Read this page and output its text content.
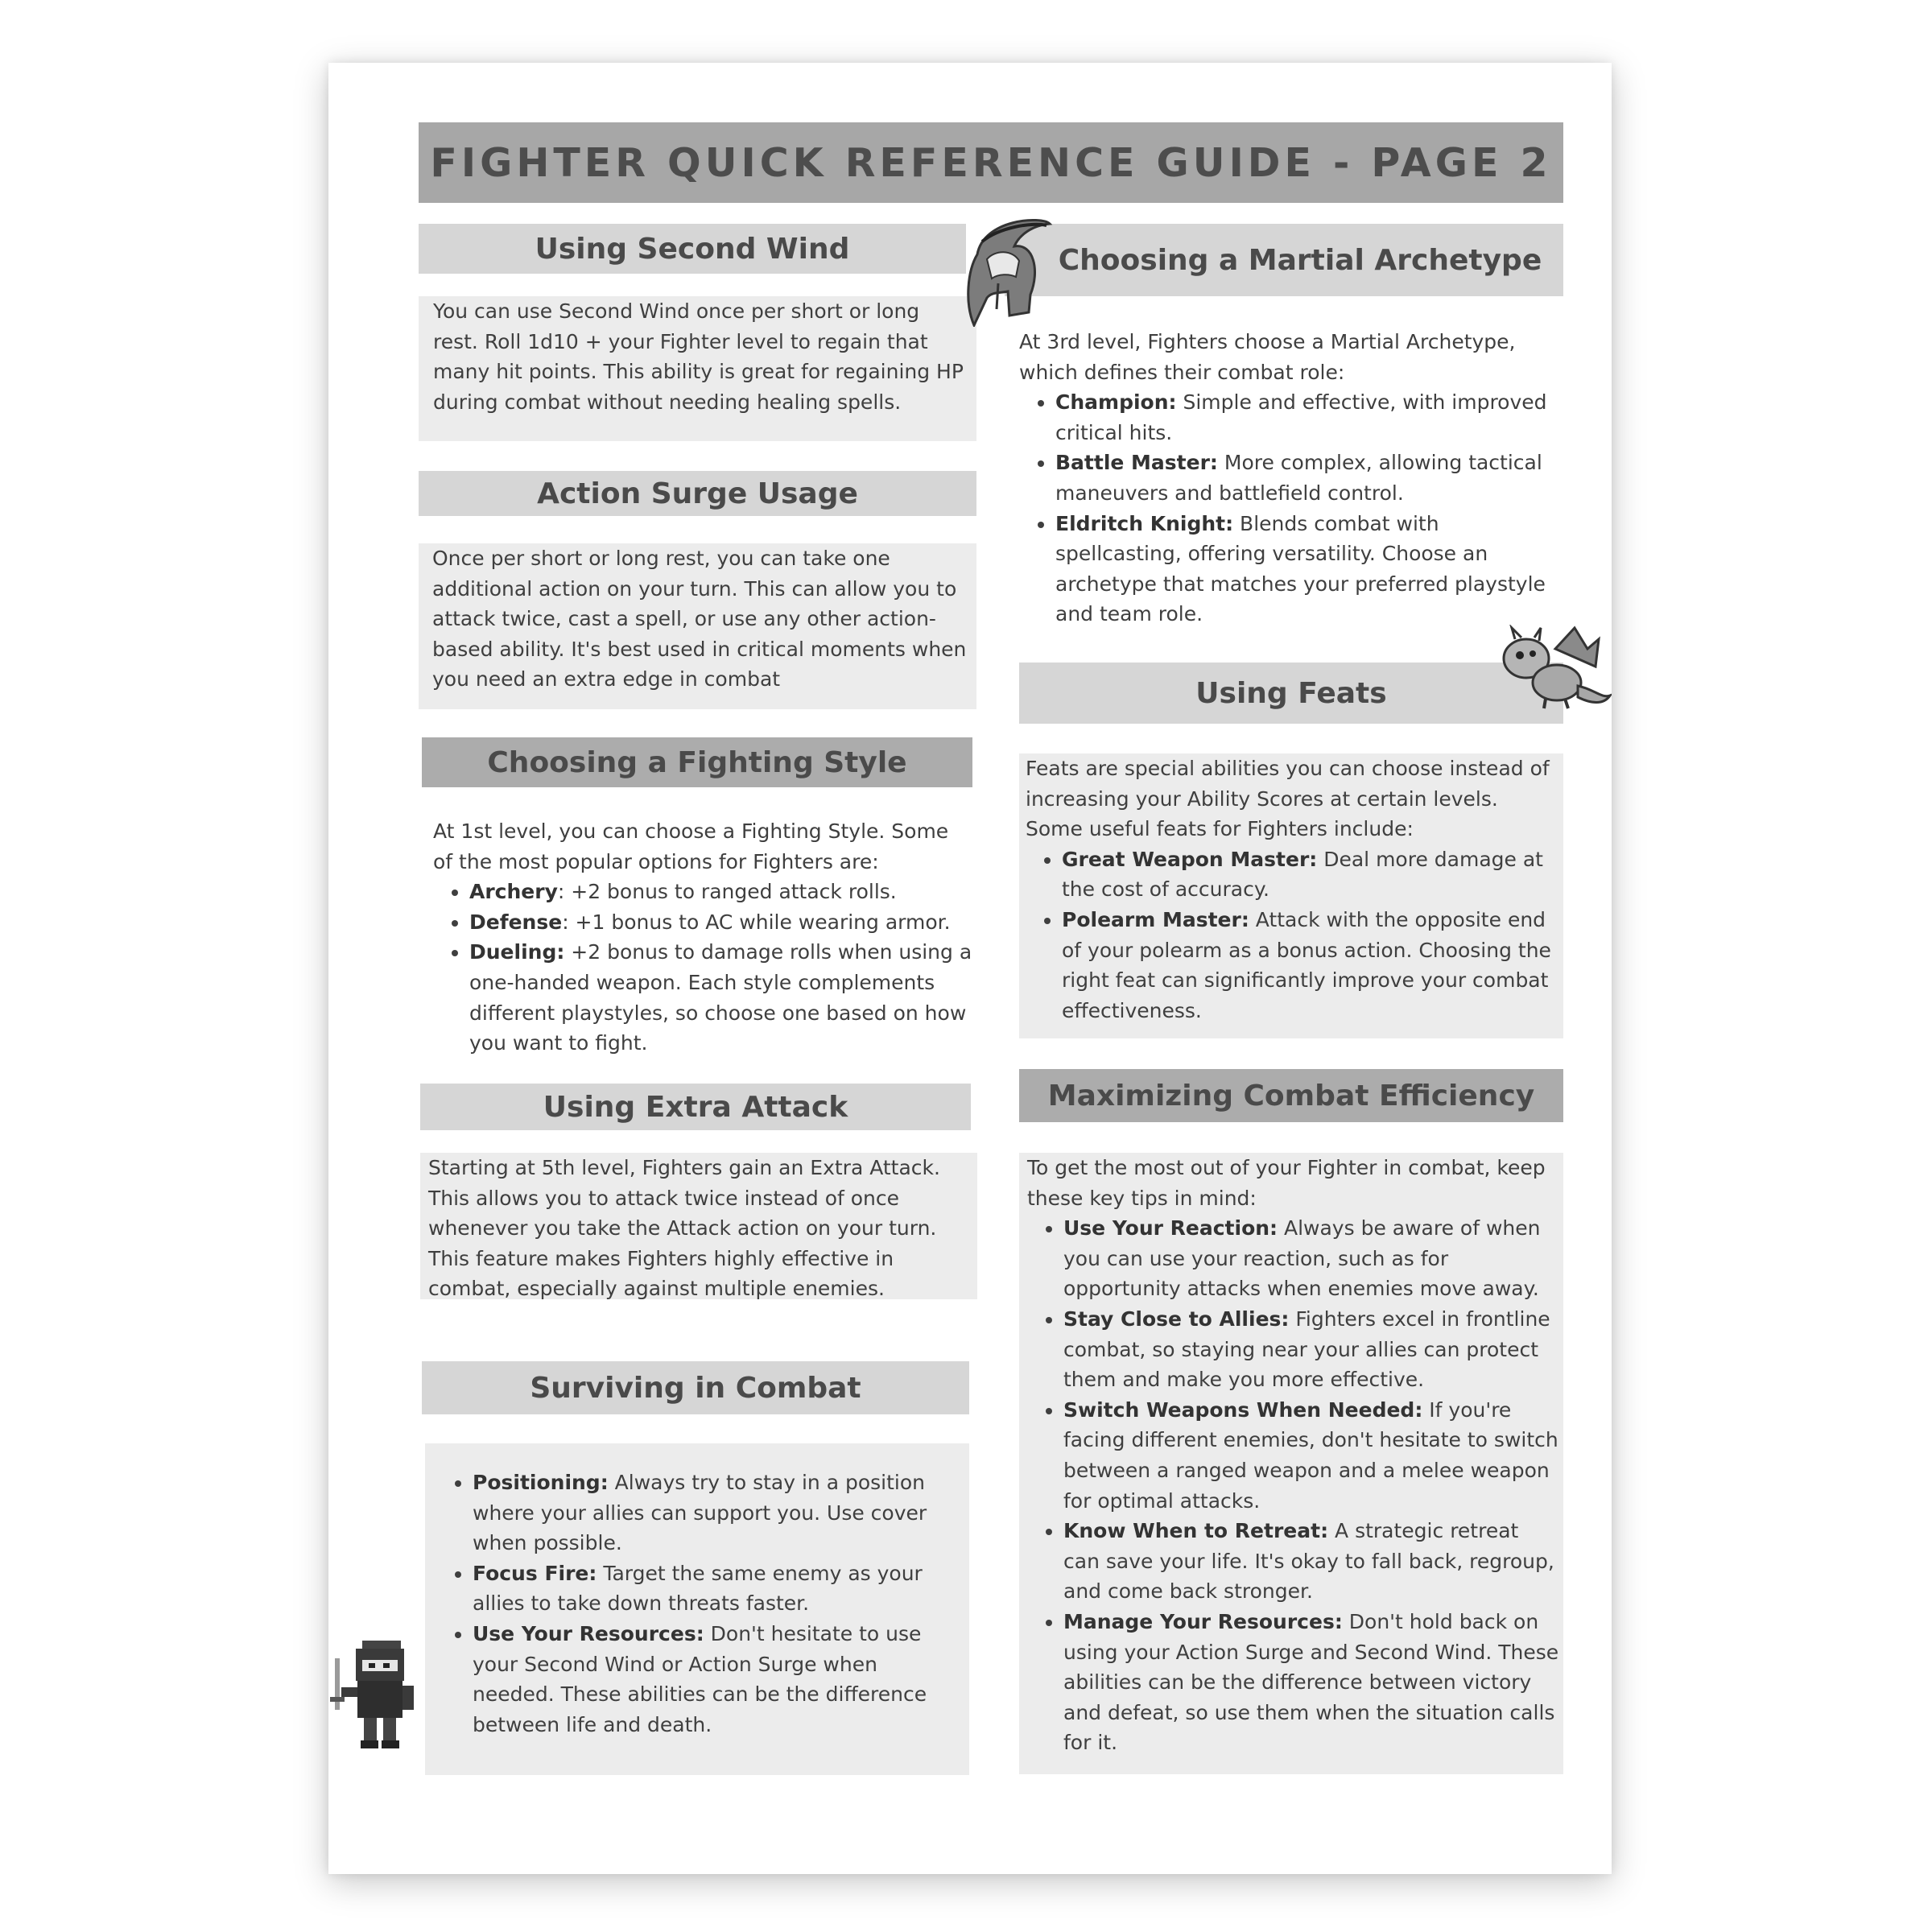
FIGHTER QUICK REFERENCE GUIDE - PAGE 2
Using Second Wind

You can use Second Wind once per short or long rest. Roll 1d10 + your Fighter level to regain that many hit points. This ability is great for regaining HP during combat without needing healing spells.

Action Surge Usage

Once per short or long rest, you can take one additional action on your turn. This can allow you to attack twice, cast a spell, or use any other action-based ability. It's best used in critical moments when you need an extra edge in combat

Choosing a Fighting Style

At 1st level, you can choose a Fighting Style. Some of the most popular options for Fighters are:

• Archery: +2 bonus to ranged attack rolls.
• Defense: +1 bonus to AC while wearing armor.
• Dueling: +2 bonus to damage rolls when using a one-handed weapon. Each style complements different playstyles, so choose one based on how you want to fight.
Using Extra Attack

Starting at 5th level, Fighters gain an Extra Attack. This allows you to attack twice instead of once whenever you take the Attack action on your turn. This feature makes Fighters highly effective in combat, especially against multiple enemies.

Surviving in Combat
• Positioning: Always try to stay in a position where your allies can support you. Use cover when possible.
• Focus Fire: Target the same enemy as your allies to take down threats faster.
• Use Your Resources: Don't hesitate to use your Second Wind or Action Surge when needed. These abilities can be the difference between life and death.
Choosing a Martial Archetype

At 3rd level, Fighters choose a Martial Archetype, which defines their combat role:

• Champion: Simple and effective, with improved critical hits.
• Battle Master: More complex, allowing tactical maneuvers and battlefield control.
• Eldritch Knight: Blends combat with spellcasting, offering versatility. Choose an archetype that matches your preferred playstyle and team role.
Using Feats

Feats are special abilities you can choose instead of increasing your Ability Scores at certain levels. Some useful feats for Fighters include:

• Great Weapon Master: Deal more damage at the cost of accuracy.
• Polearm Master: Attack with the opposite end of your polearm as a bonus action. Choosing the right feat can significantly improve your combat effectiveness.
Maximizing Combat Efficiency

To get the most out of your Fighter in combat, keep these key tips in mind:

• Use Your Reaction: Always be aware of when you can use your reaction, such as for opportunity attacks when enemies move away.
• Stay Close to Allies: Fighters excel in frontline combat, so staying near your allies can protect them and make you more effective.
• Switch Weapons When Needed: If you're facing different enemies, don't hesitate to switch between a ranged weapon and a melee weapon for optimal attacks.
• Know When to Retreat: A strategic retreat can save your life. It's okay to fall back, regroup, and come back stronger.
• Manage Your Resources: Don't hold back on using your Action Surge and Second Wind. These abilities can be the difference between victory and defeat, so use them when the situation calls for it.
